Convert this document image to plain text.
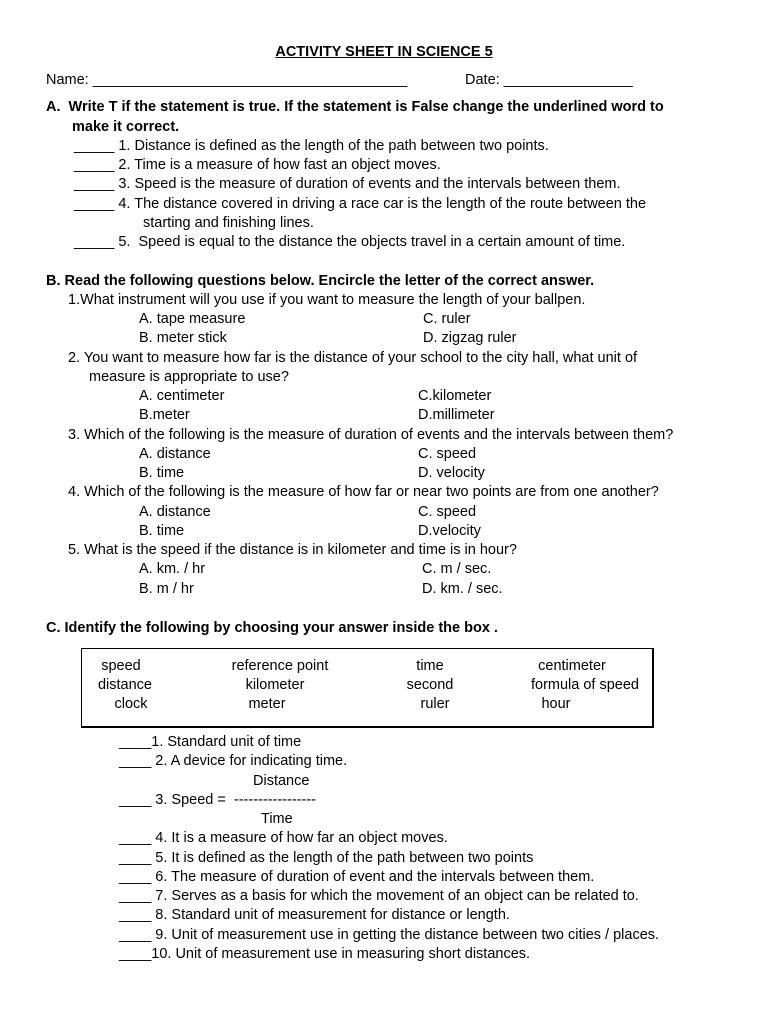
ACTIVITY SHEET IN SCIENCE 5
Name: _______________________________________	Date: ________________
A.  Write T if the statement is true. If the statement is False change the underlined word to
make it correct.
_____ 1. Distance is defined as the length of the path between two points.
_____ 2. Time is a measure of how fast an object moves.
_____ 3. Speed is the measure of duration of events and the intervals between them.
_____ 4. The distance covered in driving a race car is the length of the route between the
starting and finishing lines.
_____ 5.  Speed is equal to the distance the objects travel in a certain amount of time.
B. Read the following questions below. Encircle the letter of the correct answer.
1.What instrument will you use if you want to measure the length of your ballpen.
A. tape measure	C. ruler
B. meter stick	D. zigzag ruler
2. You want to measure how far is the distance of your school to the city hall, what unit of
measure is appropriate to use?
A. centimeter	C.kilometer
B.meter	D.millimeter
3. Which of the following is the measure of duration of events and the intervals between them?
A. distance	C. speed
B. time	D. velocity
4. Which of the following is the measure of how far or near two points are from one another?
A. distance	C. speed
B. time	D.velocity
5. What is the speed if the distance is in kilometer and time is in hour?
A. km. / hr	C. m / sec.
B. m / hr	D. km. / sec.
C. Identify the following by choosing your answer inside the box .
speed	reference point	time	centimeter
distance	kilometer	second	formula of speed
clock	meter	ruler	hour
____1. Standard unit of time
____ 2. A device for indicating time.
Distance
____ 3. Speed =  -----------------
Time
____ 4. It is a measure of how far an object moves.
____ 5. It is defined as the length of the path between two points
____ 6. The measure of duration of event and the intervals between them.
____ 7. Serves as a basis for which the movement of an object can be related to.
____ 8. Standard unit of measurement for distance or length.
____ 9. Unit of measurement use in getting the distance between two cities / places.
____10. Unit of measurement use in measuring short distances.
